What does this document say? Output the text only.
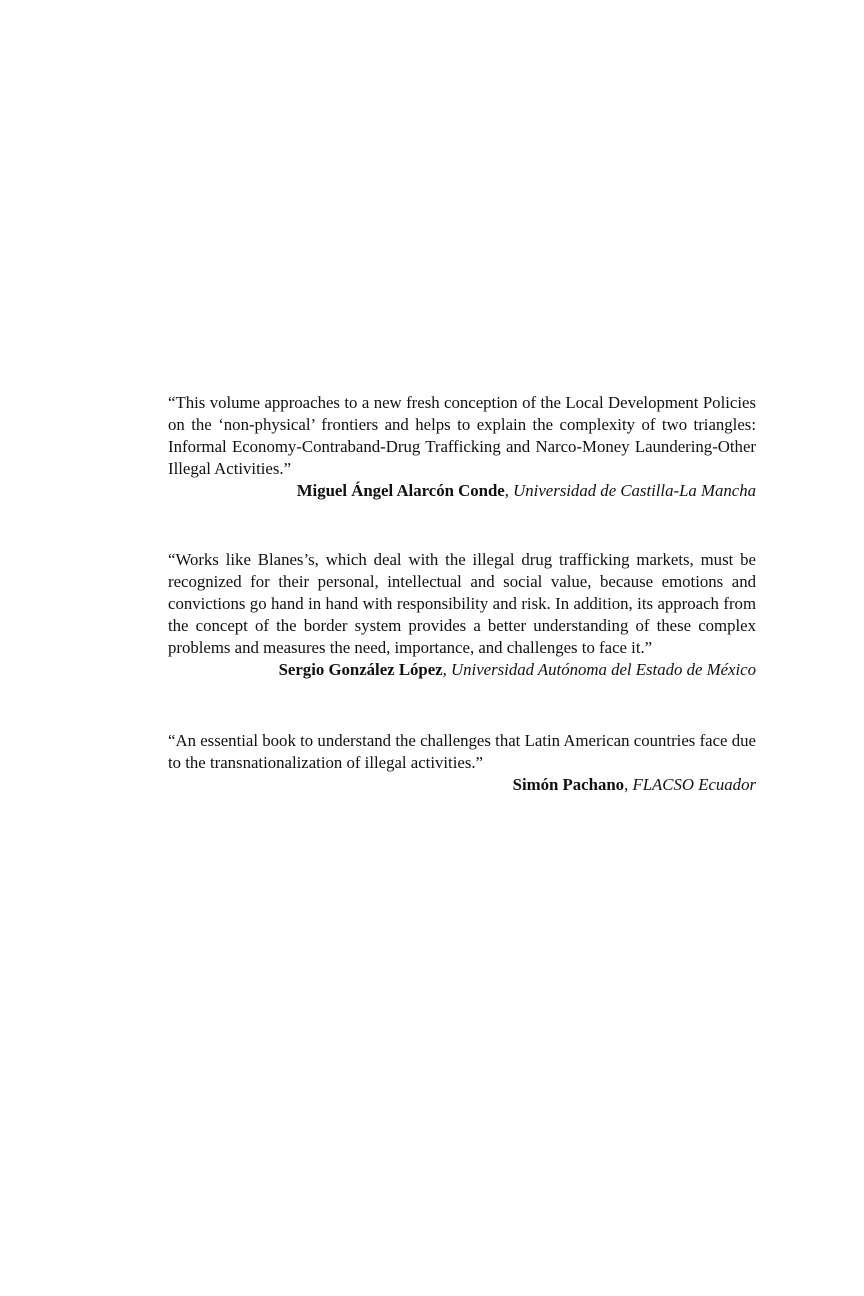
“This volume approaches to a new fresh conception of the Local Development Policies on the ‘non-physical’ frontiers and helps to explain the complexity of two triangles: Informal Economy-Contraband-Drug Trafficking and Narco-Money Laundering-Other Illegal Activities.”

Miguel Ángel Alarcón Conde, Universidad de Castilla-La Mancha

“Works like Blanes’s, which deal with the illegal drug trafficking markets, must be recognized for their personal, intellectual and social value, because emotions and convictions go hand in hand with responsibility and risk. In addition, its approach from the concept of the border system provides a better understanding of these complex problems and measures the need, importance, and challenges to face it.”

Sergio González López, Universidad Autónoma del Estado de México

“An essential book to understand the challenges that Latin American countries face due to the transnationalization of illegal activities.”

Simón Pachano, FLACSO Ecuador
